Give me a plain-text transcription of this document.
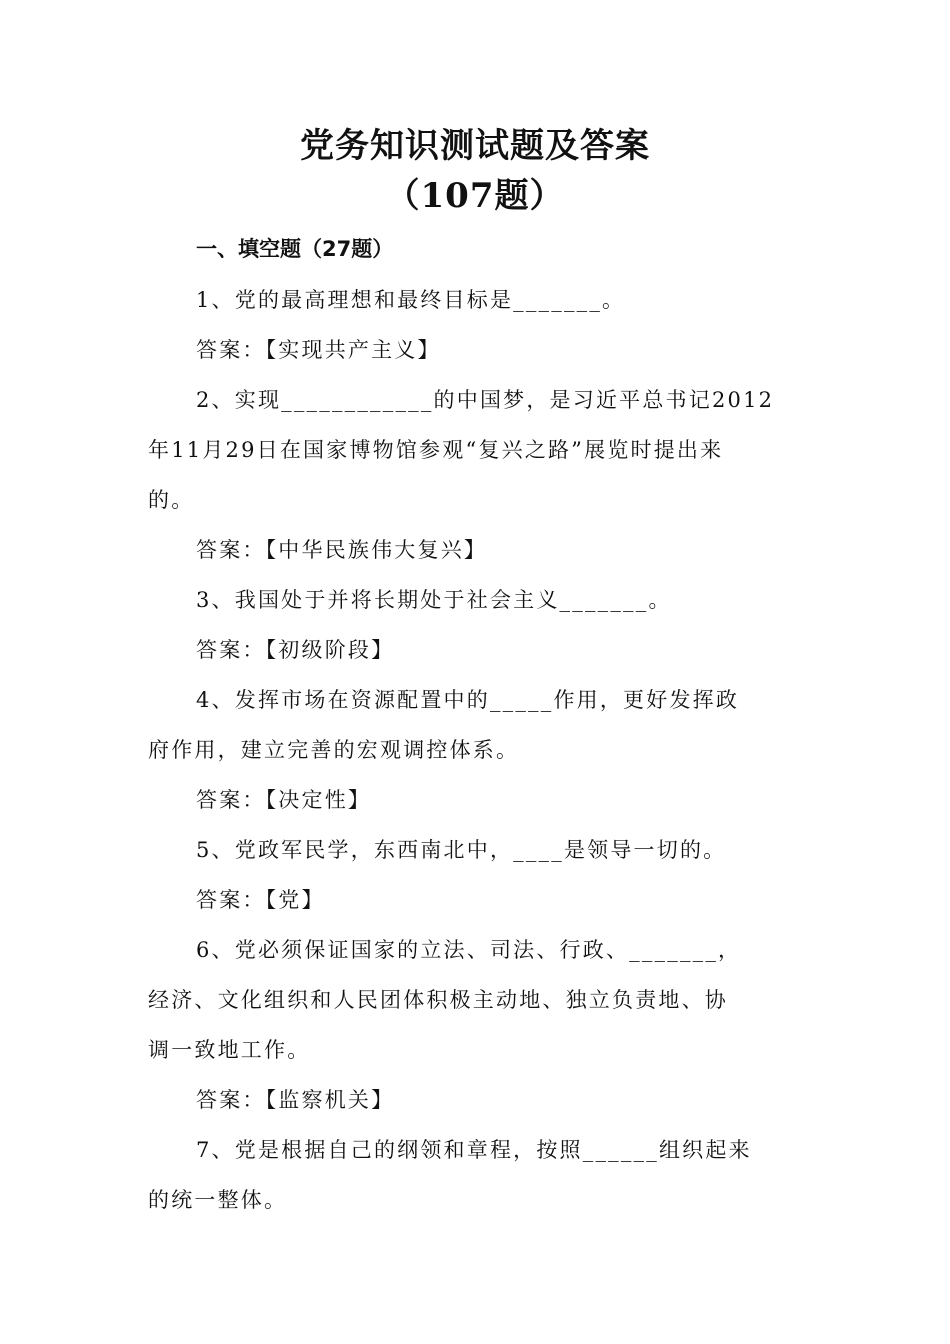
党务知识测试题及答案
（107题）
一、填空题（27题）
1、党的最高理想和最终目标是_______。
答案：【实现共产主义】
2、实现____________的中国梦，是习近平总书记2012
年11月29日在国家博物馆参观“复兴之路”展览时提出来
的。
答案：【中华民族伟大复兴】
3、我国处于并将长期处于社会主义_______。
答案：【初级阶段】
4、发挥市场在资源配置中的_____作用，更好发挥政
府作用，建立完善的宏观调控体系。
答案：【决定性】
5、党政军民学，东西南北中，____是领导一切的。
答案：【党】
6、党必须保证国家的立法、司法、行政、_______，
经济、文化组织和人民团体积极主动地、独立负责地、协
调一致地工作。
答案：【监察机关】
7、党是根据自己的纲领和章程，按照______组织起来
的统一整体。
